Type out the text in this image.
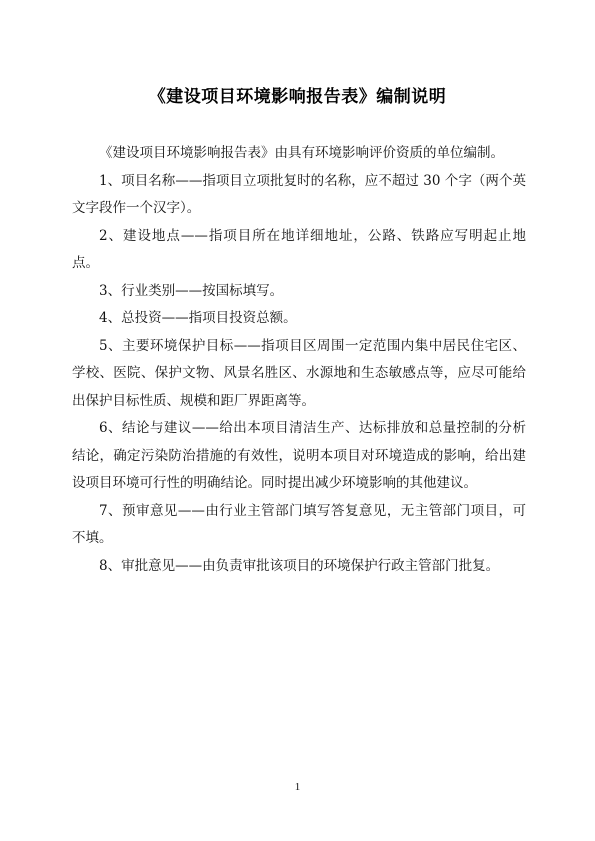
《建设项目环境影响报告表》编制说明

《建设项目环境影响报告表》由具有环境影响评价资质的单位编制。

1、项目名称——指项目立项批复时的名称，应不超过 30 个字（两个英文字段作一个汉字）。

2、建设地点——指项目所在地详细地址，公路、铁路应写明起止地点。

3、行业类别——按国标填写。

4、总投资——指项目投资总额。

5、主要环境保护目标——指项目区周围一定范围内集中居民住宅区、学校、医院、保护文物、风景名胜区、水源地和生态敏感点等，应尽可能给出保护目标性质、规模和距厂界距离等。

6、结论与建议——给出本项目清洁生产、达标排放和总量控制的分析结论，确定污染防治措施的有效性，说明本项目对环境造成的影响，给出建设项目环境可行性的明确结论。同时提出减少环境影响的其他建议。

7、预审意见——由行业主管部门填写答复意见，无主管部门项目，可不填。

8、审批意见——由负责审批该项目的环境保护行政主管部门批复。

1
